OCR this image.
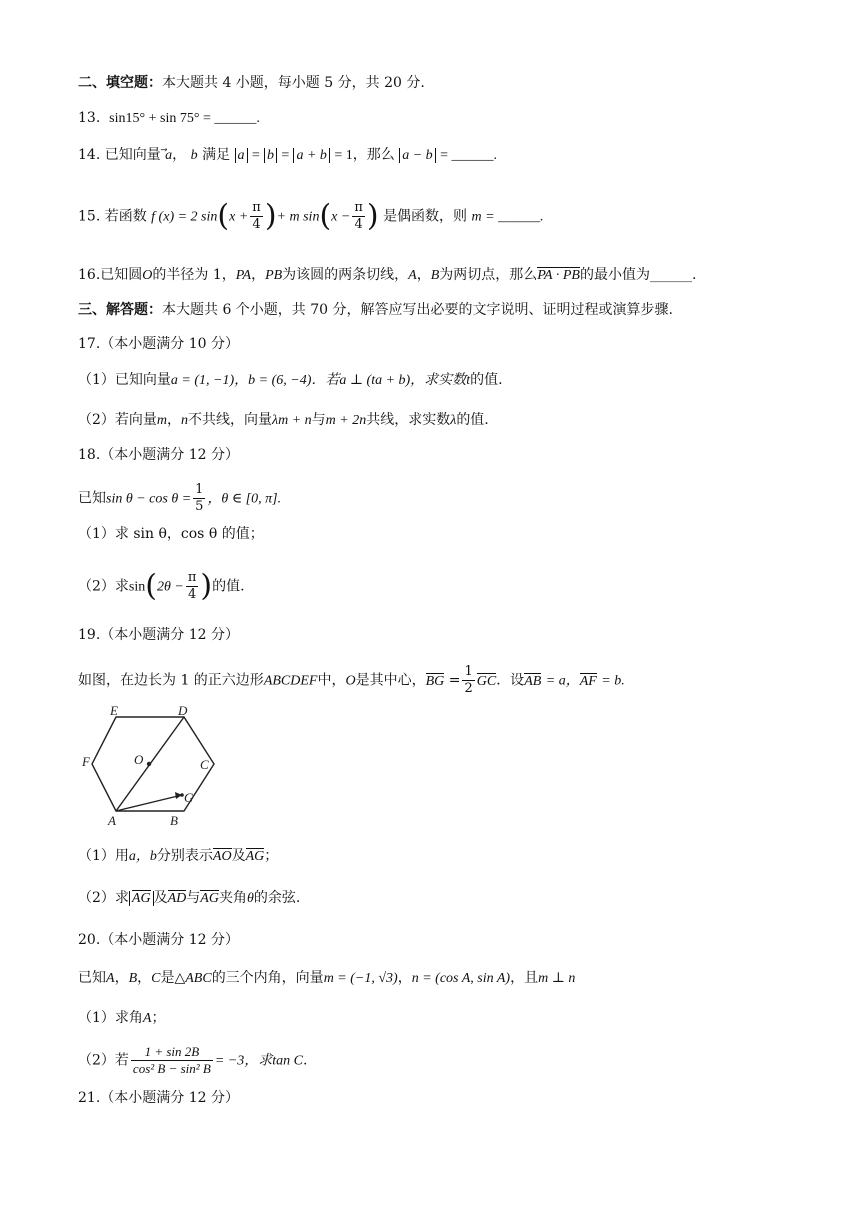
二、填空题：本大题共 4 小题，每小题 5 分，共 20 分.
13. sin15° + sin 75° = ______.
14. 已知向量 a， b 满足 a = b = a + b = 1，那么 a − b = ______.
15. 若函数 f (x) = 2 $\sin(x + \frac{\pi}{4}$ )+ m $\sin(x - \frac{\pi}{4}$ ) 是偶函数，则 m = ______.
16.已知圆O的半径为 1，PA，PB为该圆的两条切线，A，B为两切点，那么PA · PB的最小值为______.
三、解答题：本大题共 6 个小题，共 70 分，解答应写出必要的文字说明、证明过程或演算步骤.
17.（本小题满分 10 分）
（1）已知向量a = (1, −1)，b = (6, −4)．若a ⊥ (ta + b)，求实数t的值.
（2）若向量m，n不共线，向量λm + n与m + 2n共线，求实数λ的值.
18.（本小题满分 12 分）
已知$\sin \theta - \cos \theta = \frac{1}{5}$ ，θ ∈ [0, π].
（1）求 sin θ，cos θ 的值；
（2）求$\sin(2\theta - \frac{\pi}{4}$ )的值.
19.（本小题满分 12 分）
如图，在边长为 1 的正六边形ABCDEF中，O是其中心，BG = $\frac{1}{2}$ GC．设AB = a，AF = b.
E	D
F	O	C
G
A	B
（1）用a，b分别表示AO及AG；
（2）求 AG 及AD与AG夹角θ的余弦.
20.（本小题满分 12 分）
已知A，B，C是△ABC的三个内角，向量m = (−1, √3)，n = (cos A, sin A)，且m ⊥ n
（1）求角A；
（2）若 $\frac{1 + \sin 2B}{\text{cos² B − sin² B}} = -3$，求tan C.
21.（本小题满分 12 分）
